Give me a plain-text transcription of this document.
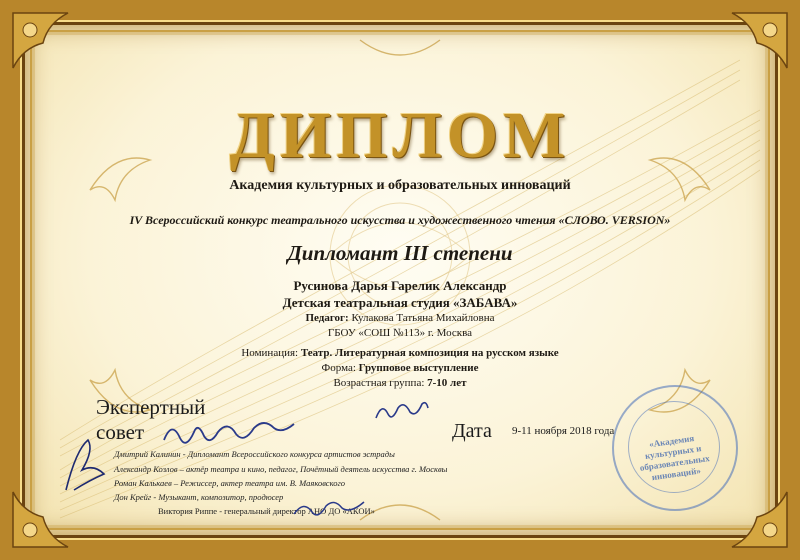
ДИПЛОМ
Академия культурных и образовательных инноваций
IV Всероссийский конкурс театрального искусства и художественного чтения «СЛОВО. VERSION»
Дипломант III степени
Русинова Дарья Гарелик Александр
Детская театральная студия «ЗАБАВА»
Педагог: Кулакова Татьяна Михайловна
ГБОУ «СОШ №113» г. Москва
Номинация: Театр. Литературная композиция на русском языке
Форма: Групповое выступление
Возрастная группа: 7-10 лет
Экспертный
совет	Дата 9-11 ноября 2018 года
Дмитрий Калинин - Дипломант Всероссийского конкурса артистов эстрады
Александр Козлов – актёр театра и кино, педагог, Почётный деятель искусства г. Москвы
Роман Калькаев – Режиссер, актер театра им. В. Маяковского
Дон Крейг - Музыкант, композитор, продюсер
Виктория Риппе - генеральный директор АНО ДО «АКОИ»
«Академия культурных и образовательных инноваций»
